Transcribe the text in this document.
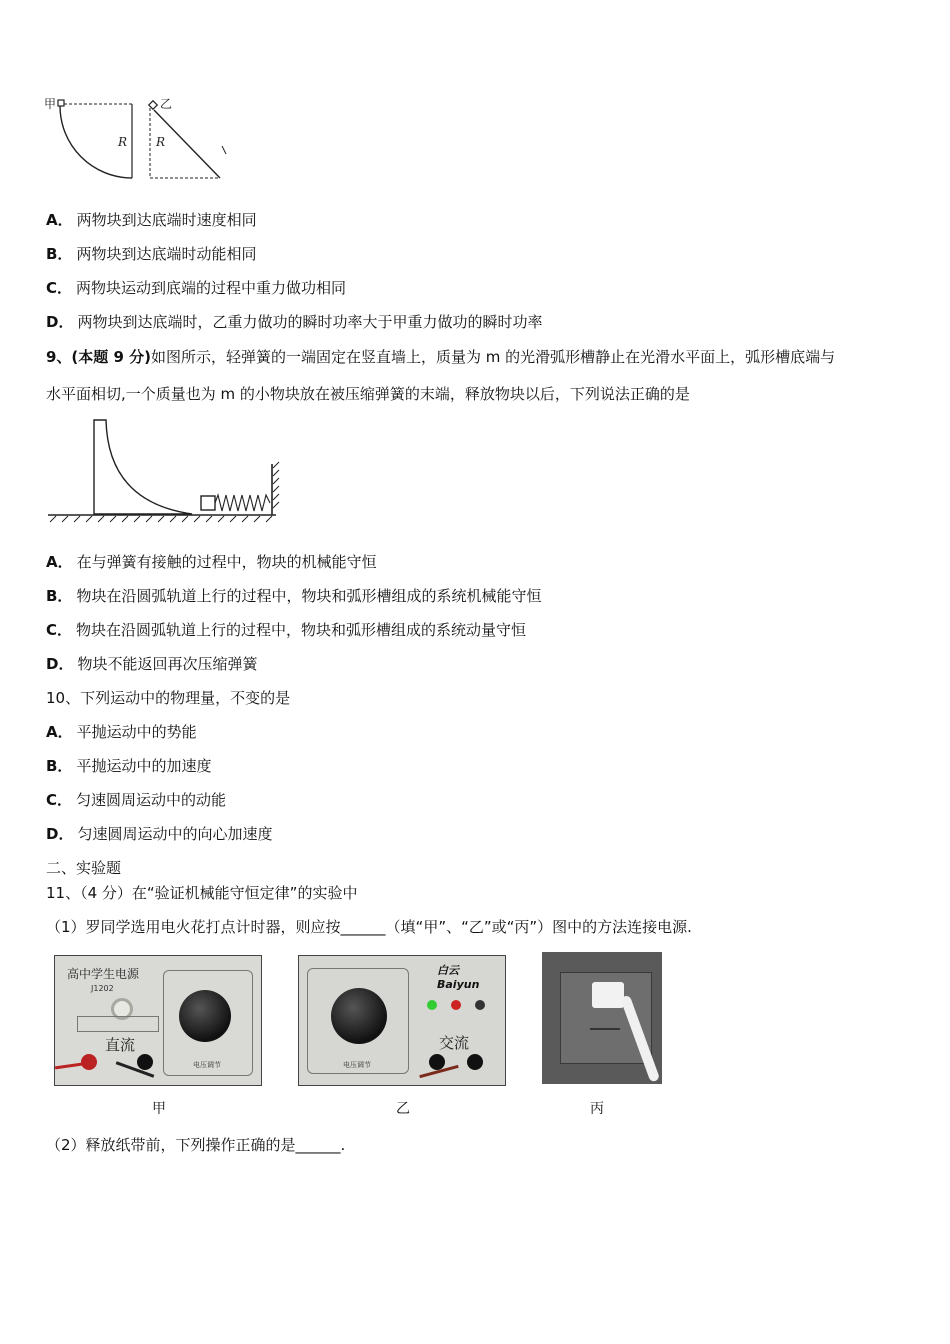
甲
R
乙
R
A． 两物块到达底端时速度相同
B． 两物块到达底端时动能相同
C． 两物块运动到底端的过程中重力做功相同
D． 两物块到达底端时，乙重力做功的瞬时功率大于甲重力做功的瞬时功率
9、(本题 9 分)如图所示，轻弹簧的一端固定在竖直墙上，质量为 m 的光滑弧形槽静止在光滑水平面上，弧形槽底端与
水平面相切,一个质量也为 m 的小物块放在被压缩弹簧的末端，释放物块以后，下列说法正确的是
A． 在与弹簧有接触的过程中，物块的机械能守恒
B． 物块在沿圆弧轨道上行的过程中，物块和弧形槽组成的系统机械能守恒
C． 物块在沿圆弧轨道上行的过程中，物块和弧形槽组成的系统动量守恒
D． 物块不能返回再次压缩弹簧
10、下列运动中的物理量，不变的是
A． 平抛运动中的势能
B． 平抛运动中的加速度
C． 匀速圆周运动中的动能
D． 匀速圆周运动中的向心加速度
二、实验题
11、（4 分）在“验证机械能守恒定律”的实验中
（1）罗同学选用电火花打点计时器，则应按______（填“甲”、“乙”或“丙”）图中的方法连接电源.
高中学生电源
J1202
直流
电压调节
甲
白云 Baiyun
电压调节
交流
乙	丙
（2）释放纸带前，下列操作正确的是______.
